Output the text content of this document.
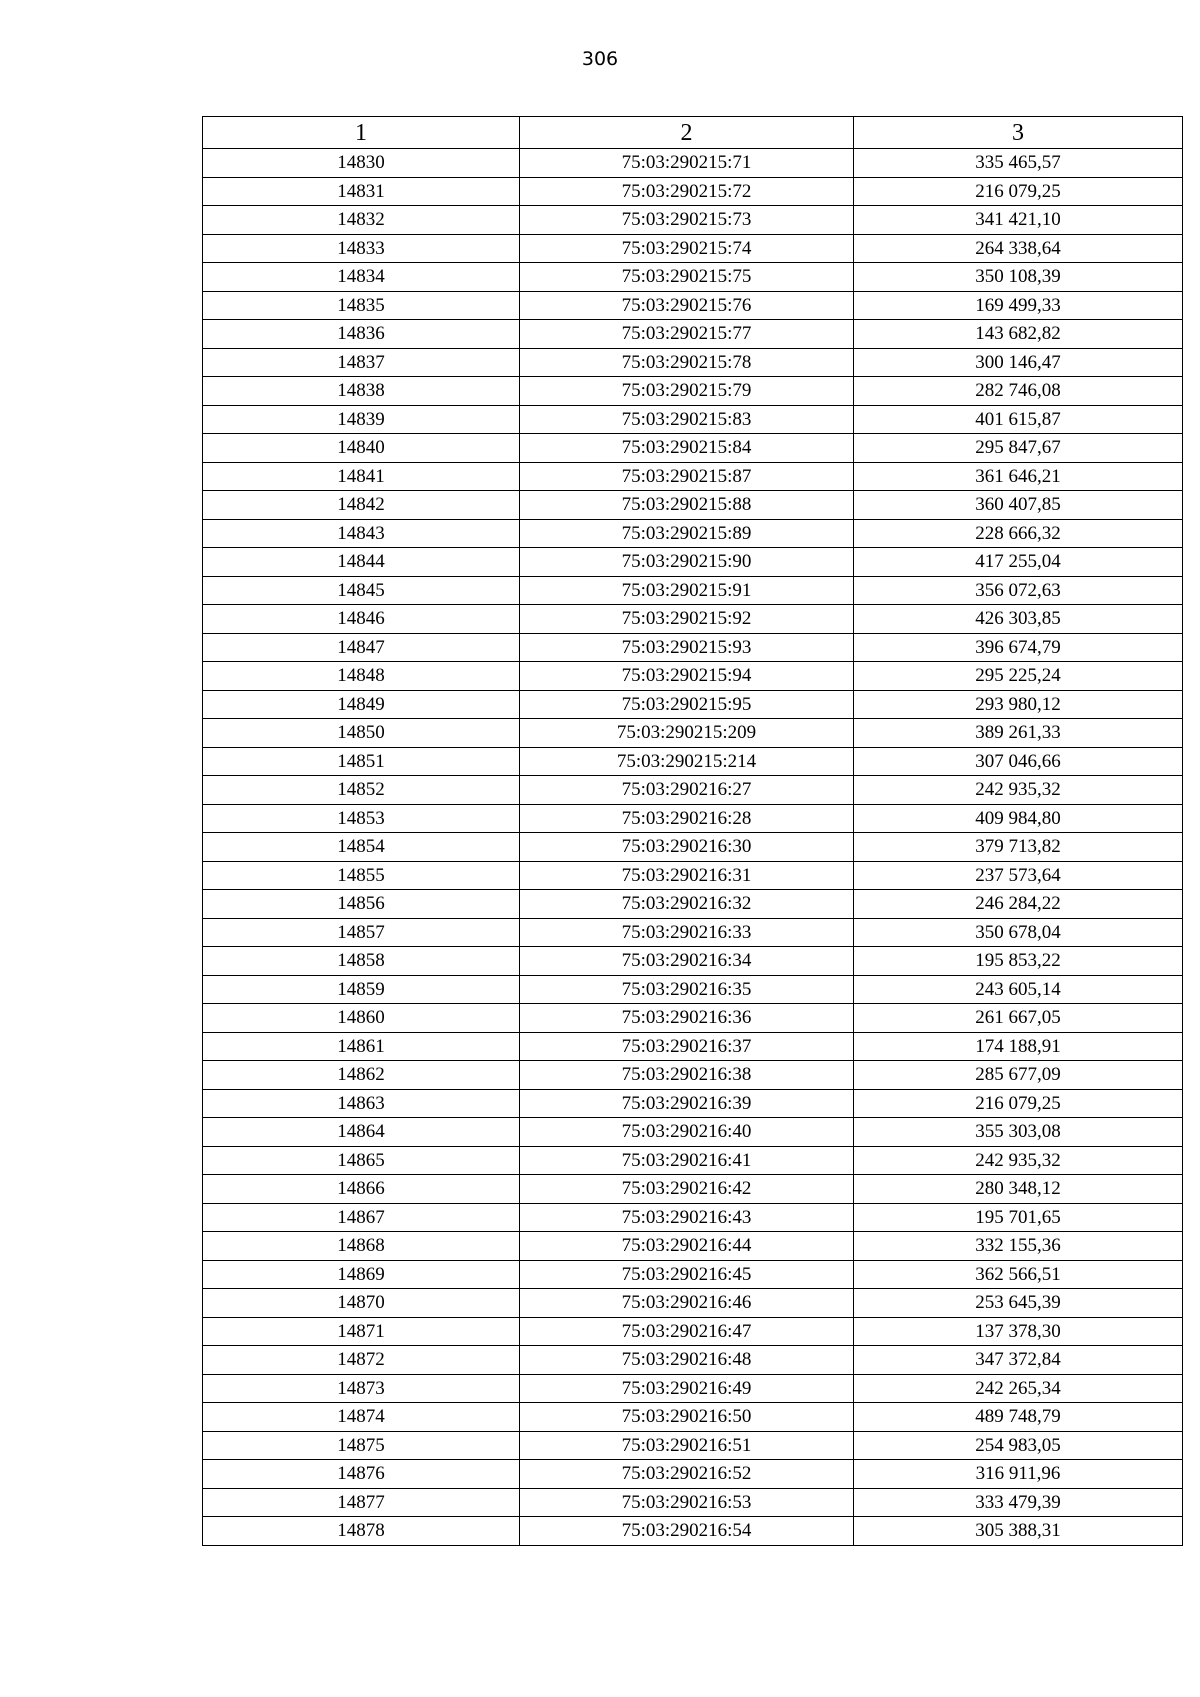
306
1	2	3
14830	75:03:290215:71	335 465,57
14831	75:03:290215:72	216 079,25
14832	75:03:290215:73	341 421,10
14833	75:03:290215:74	264 338,64
14834	75:03:290215:75	350 108,39
14835	75:03:290215:76	169 499,33
14836	75:03:290215:77	143 682,82
14837	75:03:290215:78	300 146,47
14838	75:03:290215:79	282 746,08
14839	75:03:290215:83	401 615,87
14840	75:03:290215:84	295 847,67
14841	75:03:290215:87	361 646,21
14842	75:03:290215:88	360 407,85
14843	75:03:290215:89	228 666,32
14844	75:03:290215:90	417 255,04
14845	75:03:290215:91	356 072,63
14846	75:03:290215:92	426 303,85
14847	75:03:290215:93	396 674,79
14848	75:03:290215:94	295 225,24
14849	75:03:290215:95	293 980,12
14850	75:03:290215:209	389 261,33
14851	75:03:290215:214	307 046,66
14852	75:03:290216:27	242 935,32
14853	75:03:290216:28	409 984,80
14854	75:03:290216:30	379 713,82
14855	75:03:290216:31	237 573,64
14856	75:03:290216:32	246 284,22
14857	75:03:290216:33	350 678,04
14858	75:03:290216:34	195 853,22
14859	75:03:290216:35	243 605,14
14860	75:03:290216:36	261 667,05
14861	75:03:290216:37	174 188,91
14862	75:03:290216:38	285 677,09
14863	75:03:290216:39	216 079,25
14864	75:03:290216:40	355 303,08
14865	75:03:290216:41	242 935,32
14866	75:03:290216:42	280 348,12
14867	75:03:290216:43	195 701,65
14868	75:03:290216:44	332 155,36
14869	75:03:290216:45	362 566,51
14870	75:03:290216:46	253 645,39
14871	75:03:290216:47	137 378,30
14872	75:03:290216:48	347 372,84
14873	75:03:290216:49	242 265,34
14874	75:03:290216:50	489 748,79
14875	75:03:290216:51	254 983,05
14876	75:03:290216:52	316 911,96
14877	75:03:290216:53	333 479,39
14878	75:03:290216:54	305 388,31
